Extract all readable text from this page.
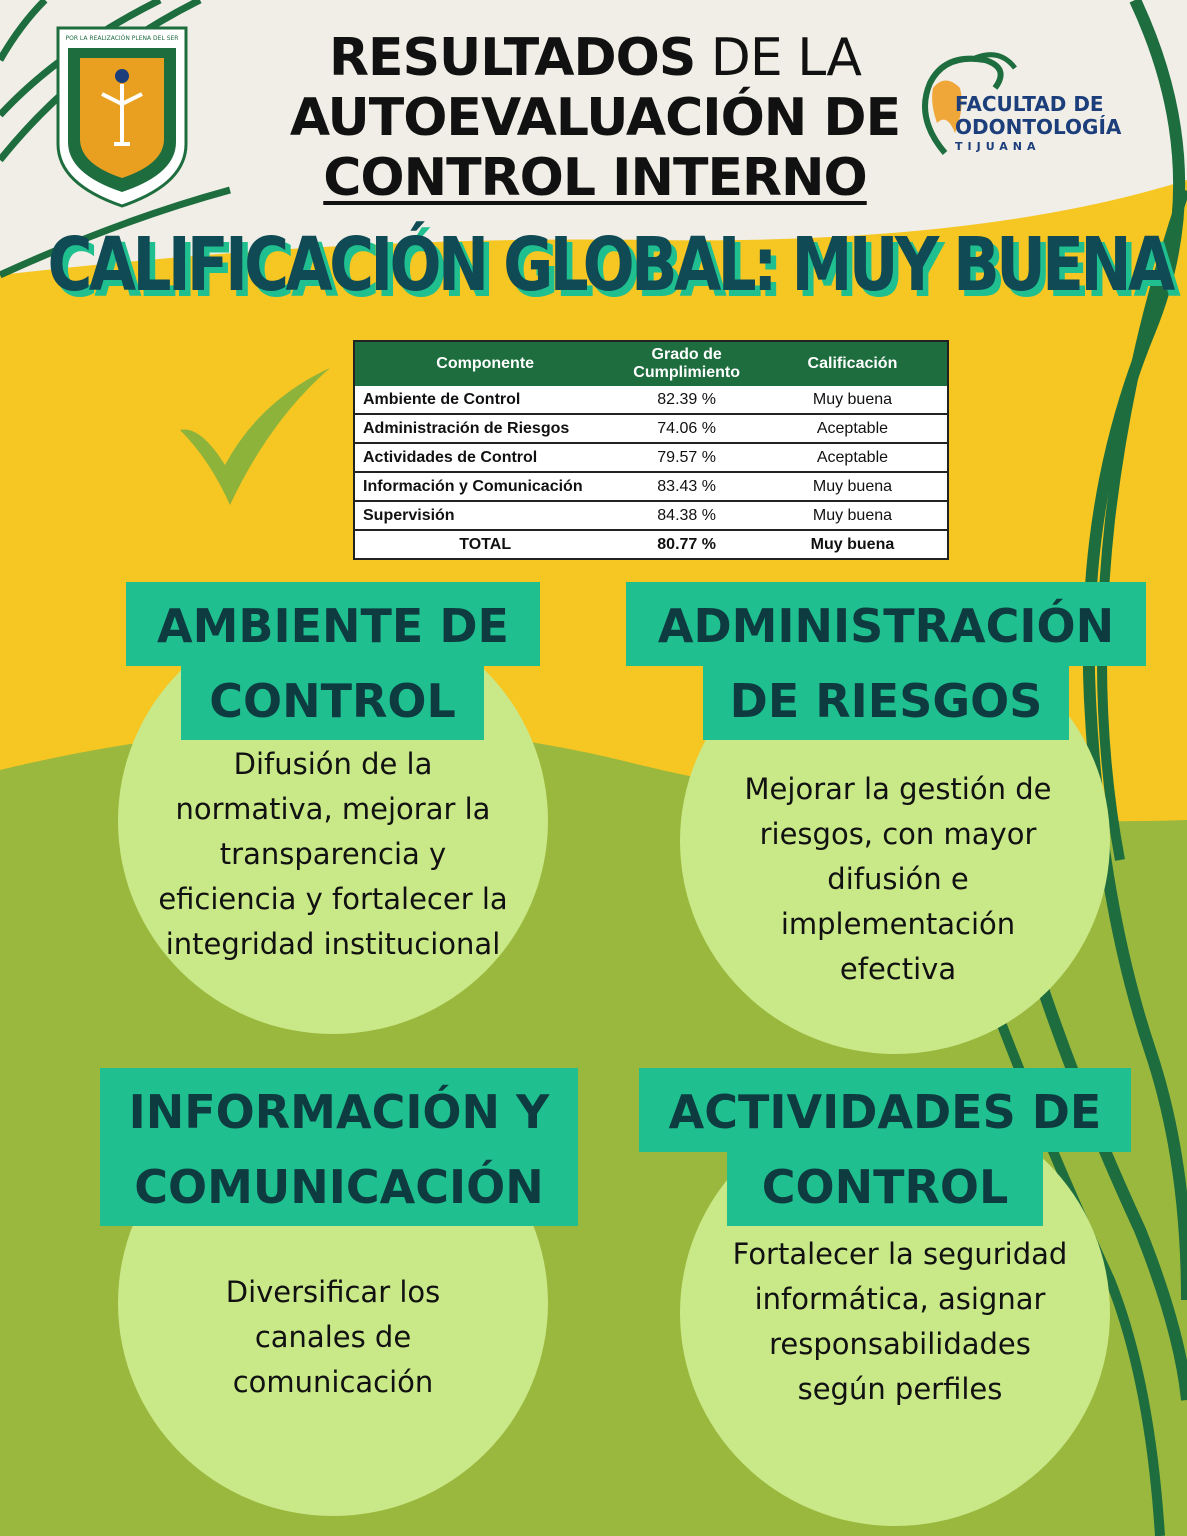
POR LA REALIZACIÓN PLENA DEL SER
FACULTAD DE
ODONTOLOGÍA
TIJUANA
RESULTADOS DE LA
AUTOEVALUACIÓN DE
CONTROL INTERNO
CALIFICACIÓN GLOBAL: MUY BUENA
Componente	Grado de Cumplimiento	Calificación
Ambiente de Control	82.39 %	Muy buena
Administración de Riesgos	74.06 %	Aceptable
Actividades de Control	79.57 %	Aceptable
Información y Comunicación	83.43 %	Muy buena
Supervisión	84.38 %	Muy buena
TOTAL	80.77 %	Muy buena
AMBIENTE DE
CONTROL
Difusión de la normativa, mejorar la transparencia y eficiencia y fortalecer la integridad institucional
ADMINISTRACIÓN
DE RIESGOS
Mejorar la gestión de riesgos, con mayor difusión e implementación efectiva
INFORMACIÓN Y
COMUNICACIÓN
Diversificar los canales de comunicación
ACTIVIDADES DE
CONTROL
Fortalecer la seguridad informática, asignar responsabilidades según perfiles
